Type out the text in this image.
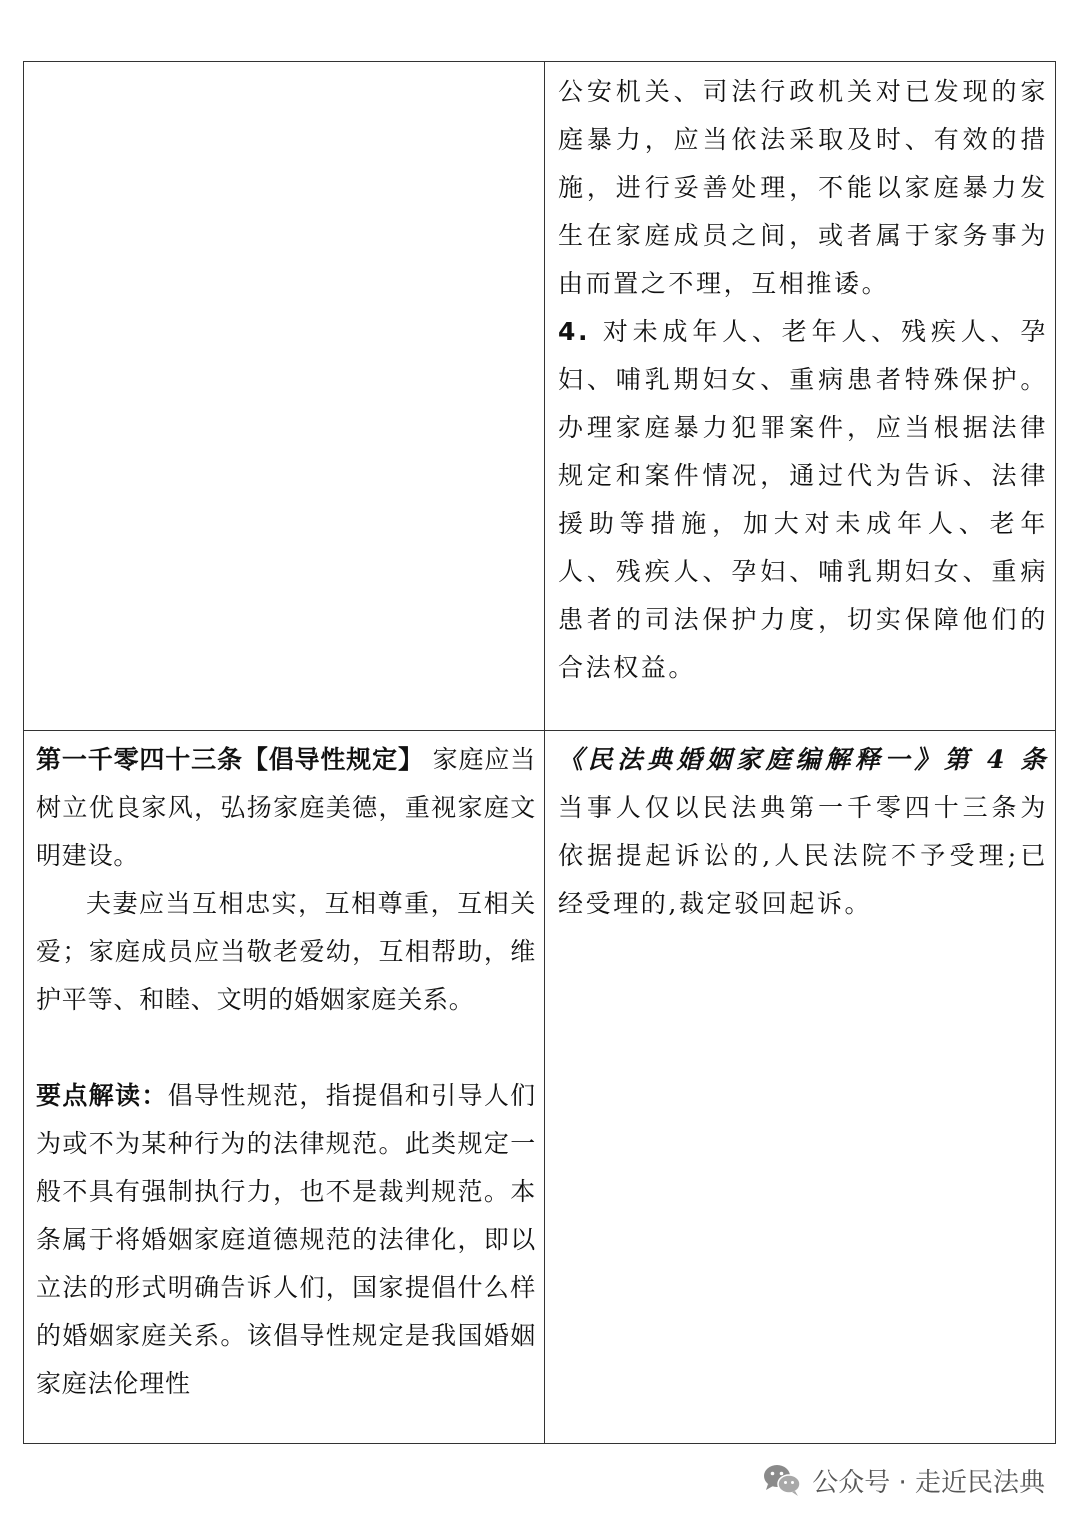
公安机关、司法行政机关对已发现的家庭暴力，应当依法采取及时、有效的措施，进行妥善处理，不能以家庭暴力发生在家庭成员之间，或者属于家务事为由而置之不理，互相推诿。

4. 对未成年人、老年人、残疾人、孕妇、哺乳期妇女、重病患者特殊保护。办理家庭暴力犯罪案件，应当根据法律规定和案件情况，通过代为告诉、法律援助等措施，加大对未成年人、老年人、残疾人、孕妇、哺乳期妇女、重病患者的司法保护力度，切实保障他们的合法权益。

第一千零四十三条【倡导性规定】 家庭应当树立优良家风，弘扬家庭美德，重视家庭文明建设。

夫妻应当互相忠实，互相尊重，互相关爱；家庭成员应当敬老爱幼，互相帮助，维护平等、和睦、文明的婚姻家庭关系。

要点解读：倡导性规范，指提倡和引导人们为或不为某种行为的法律规范。此类规定一般不具有强制执行力，也不是裁判规范。本条属于将婚姻家庭道德规范的法律化，即以立法的形式明确告诉人们，国家提倡什么样的婚姻家庭关系。该倡导性规定是我国婚姻家庭法伦理性

《民法典婚姻家庭编解释一》第 4 条 当事人仅以民法典第一千零四十三条为依据提起诉讼的,人民法院不予受理;已经受理的,裁定驳回起诉。

公众号 · 走近民法典
